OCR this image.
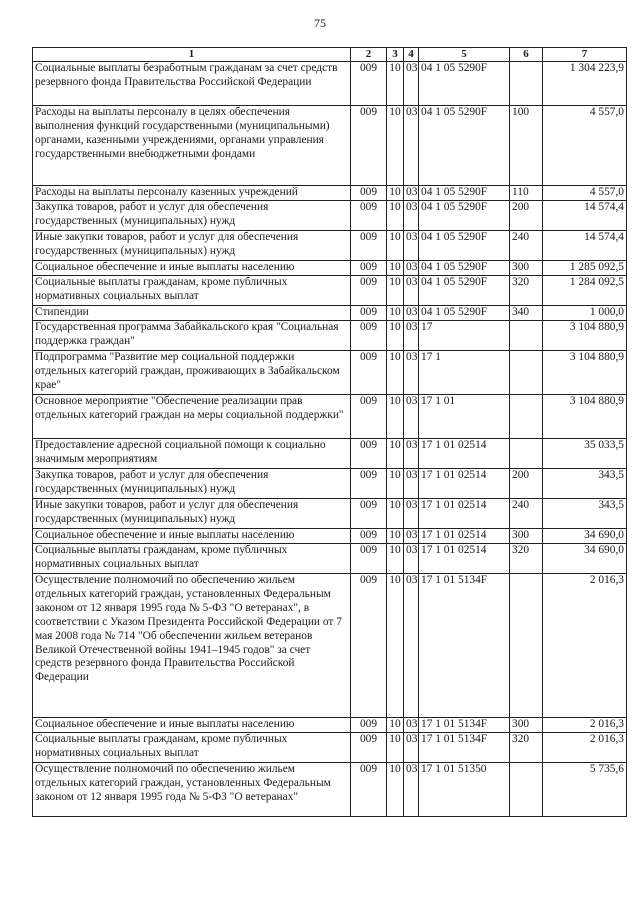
75
1	2	3	4	5	6	7
Социальные выплаты безработным гражданам за счет средств резервного фонда Правительства Российской Федерации	009	10	03	04 1 05 5290F		1 304 223,9
Расходы на выплаты персоналу в целях обеспечения выполнения функций государственными (муниципальными) органами, казенными учреждениями, органами управления государственными внебюджетными фондами	009	10	03	04 1 05 5290F	100	4 557,0
Расходы на выплаты персоналу казенных учреждений	009	10	03	04 1 05 5290F	110	4 557,0
Закупка товаров, работ и услуг для обеспечения государственных (муниципальных) нужд	009	10	03	04 1 05 5290F	200	14 574,4
Иные закупки товаров, работ и услуг для обеспечения государственных (муниципальных) нужд	009	10	03	04 1 05 5290F	240	14 574,4
Социальное обеспечение и иные выплаты населению	009	10	03	04 1 05 5290F	300	1 285 092,5
Социальные выплаты гражданам, кроме публичных нормативных социальных выплат	009	10	03	04 1 05 5290F	320	1 284 092,5
Стипендии	009	10	03	04 1 05 5290F	340	1 000,0
Государственная программа Забайкальского края "Социальная поддержка граждан"	009	10	03	17		3 104 880,9
Подпрограмма "Развитие мер социальной поддержки отдельных категорий граждан, проживающих в Забайкальском крае"	009	10	03	17 1		3 104 880,9
Основное мероприятие "Обеспечение реализации прав отдельных категорий граждан на меры социальной поддержки"	009	10	03	17 1 01		3 104 880,9
Предоставление адресной социальной помощи к социально значимым мероприятиям	009	10	03	17 1 01 02514		35 033,5
Закупка товаров, работ и услуг для обеспечения государственных (муниципальных) нужд	009	10	03	17 1 01 02514	200	343,5
Иные закупки товаров, работ и услуг для обеспечения государственных (муниципальных) нужд	009	10	03	17 1 01 02514	240	343,5
Социальное обеспечение и иные выплаты населению	009	10	03	17 1 01 02514	300	34 690,0
Социальные выплаты гражданам, кроме публичных нормативных социальных выплат	009	10	03	17 1 01 02514	320	34 690,0
Осуществление полномочий по обеспечению жильем отдельных категорий граждан, установленных Федеральным законом от 12 января 1995 года № 5-ФЗ "О ветеранах", в соответствии с Указом Президента Российской Федерации от 7 мая 2008 года № 714 "Об обеспечении жильем ветеранов Великой Отечественной войны 1941–1945 годов" за счет средств резервного фонда Правительства Российской Федерации	009	10	03	17 1 01 5134F		2 016,3
Социальное обеспечение и иные выплаты населению	009	10	03	17 1 01 5134F	300	2 016,3
Социальные выплаты гражданам, кроме публичных нормативных социальных выплат	009	10	03	17 1 01 5134F	320	2 016,3
Осуществление полномочий по обеспечению жильем отдельных категорий граждан, установленных Федеральным законом от 12 января 1995 года № 5-ФЗ "О ветеранах"	009	10	03	17 1 01 51350		5 735,6
